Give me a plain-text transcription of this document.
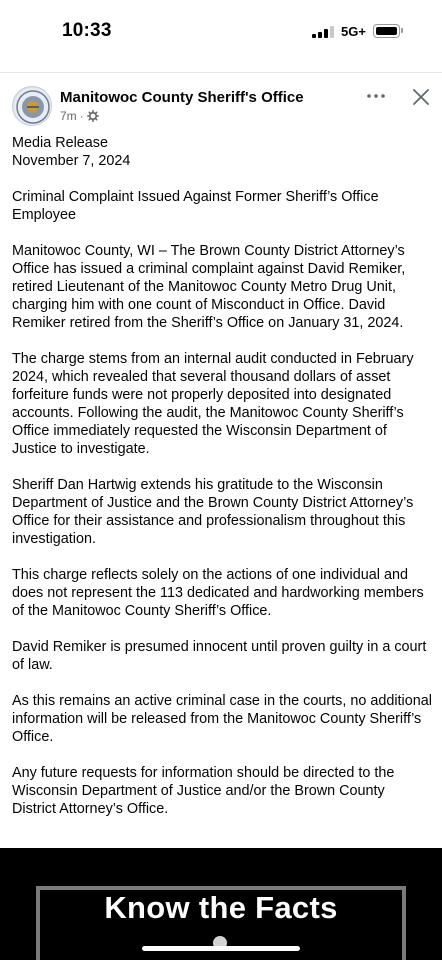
10:33	5G+
Manitowoc County Sheriff's Office
7m ·

Media Release
November 7, 2024

Criminal Complaint Issued Against Former Sheriff’s Office Employee

Manitowoc County, WI – The Brown County District Attorney’s Office has issued a criminal complaint against David Remiker, retired Lieutenant of the Manitowoc County Metro Drug Unit, charging him with one count of Misconduct in Office. David Remiker retired from the Sheriff’s Office on January 31, 2024.

The charge stems from an internal audit conducted in February 2024, which revealed that several thousand dollars of asset forfeiture funds were not properly deposited into designated accounts. Following the audit, the Manitowoc County Sheriff’s Office immediately requested the Wisconsin Department of Justice to investigate.

Sheriff Dan Hartwig extends his gratitude to the Wisconsin Department of Justice and the Brown County District Attorney’s Office for their assistance and professionalism throughout this investigation.

This charge reflects solely on the actions of one individual and does not represent the 113 dedicated and hardworking members of the Manitowoc County Sheriff’s Office.

David Remiker is presumed innocent until proven guilty in a court of law.

As this remains an active criminal case in the courts, no additional information will be released from the Manitowoc County Sheriff’s Office.

Any future requests for information should be directed to the Wisconsin Department of Justice and/or the Brown County District Attorney’s Office.

Know the Facts
